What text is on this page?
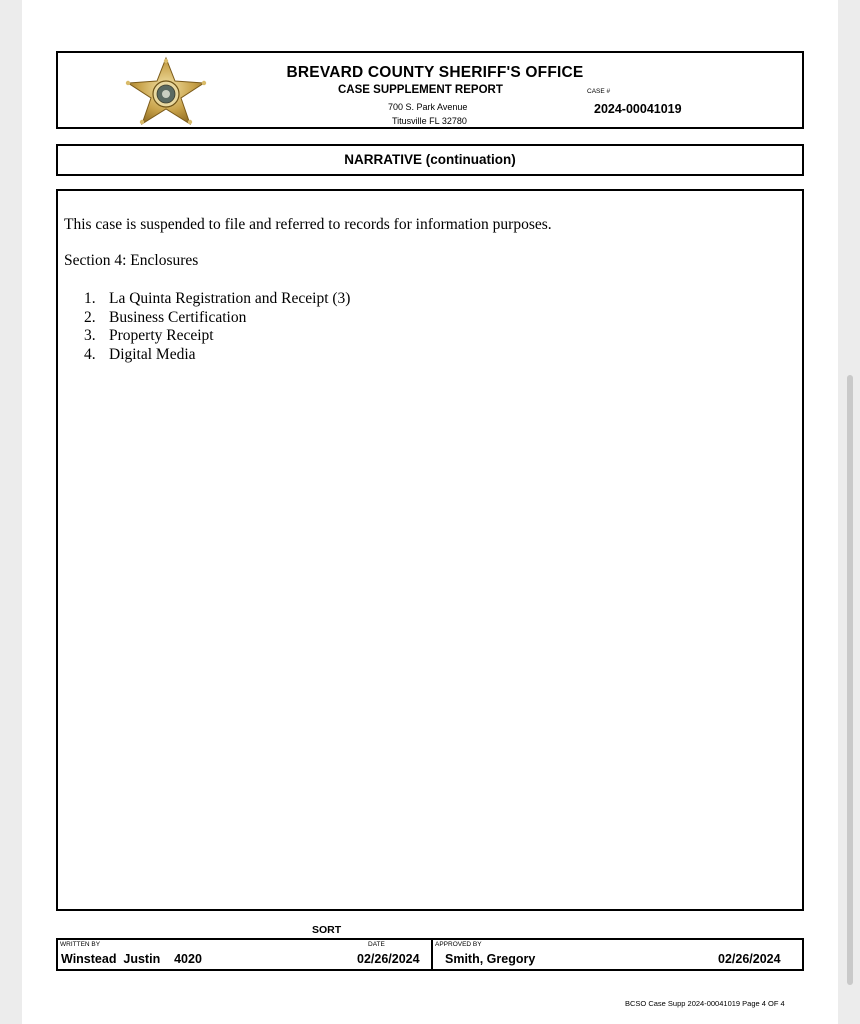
BREVARD COUNTY SHERIFF'S OFFICE
CASE SUPPLEMENT REPORT	CASE #
700 S. Park Avenue	2024-00041019
Titusville FL 32780
NARRATIVE (continuation)
This case is suspended to file and referred to records for information purposes.
Section 4: Enclosures
1. La Quinta Registration and Receipt (3)
2. Business Certification
3. Property Receipt
4. Digital Media
SORT
WRITTEN BY
Winstead  Justin    4020
DATE
02/26/2024
APPROVED BY
Smith, Gregory	02/26/2024
BCSO Case Supp 2024-00041019 Page 4 OF 4
